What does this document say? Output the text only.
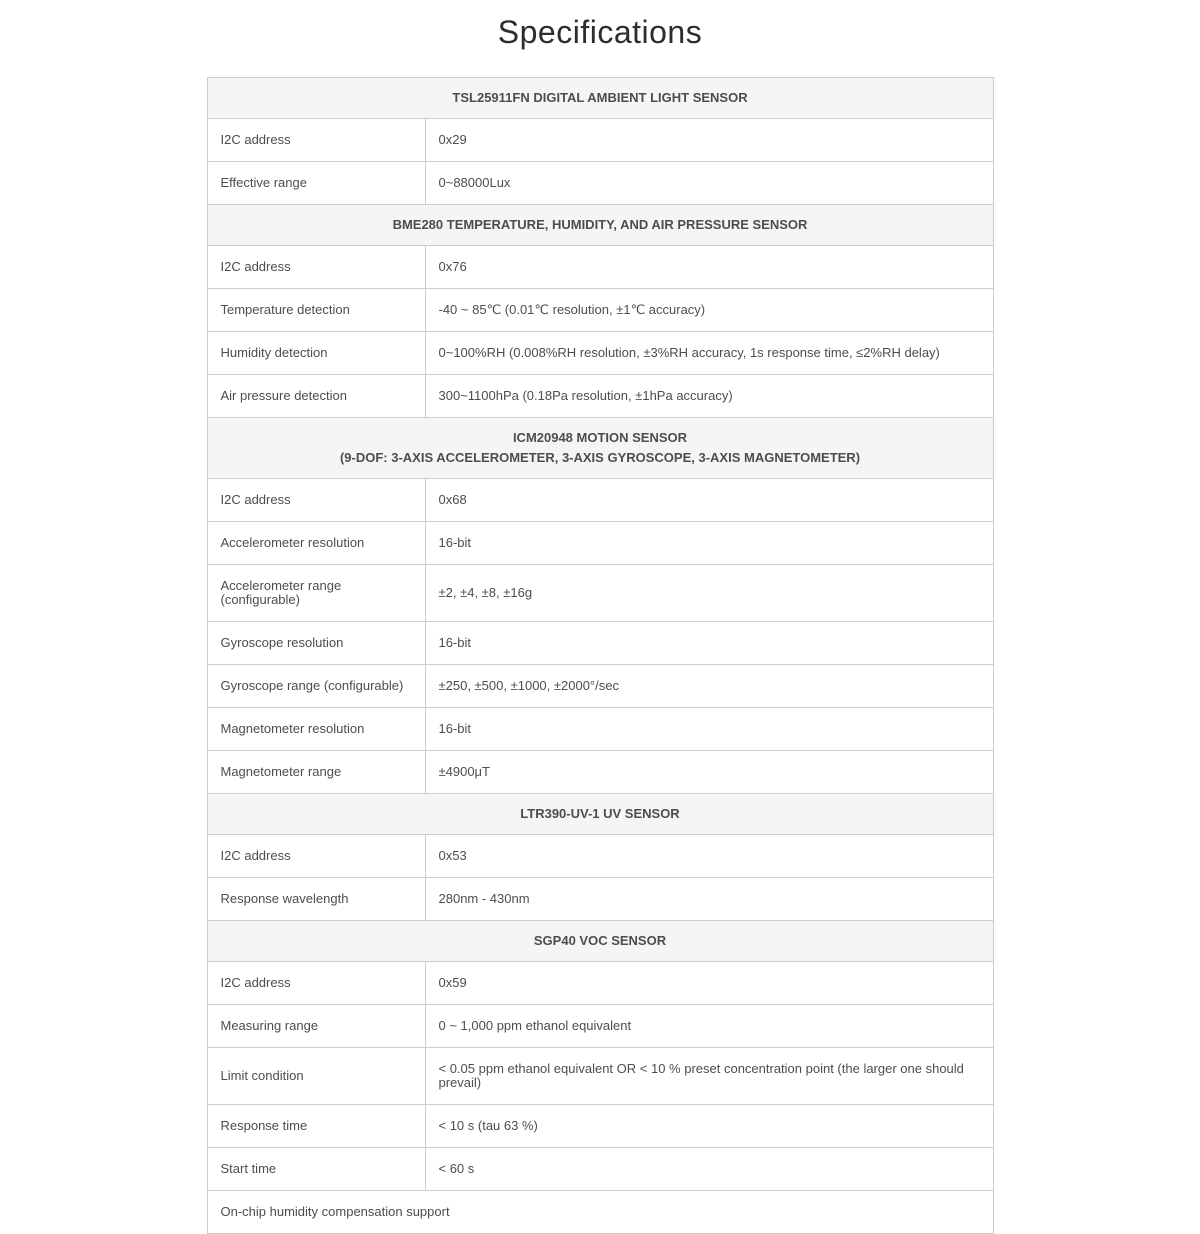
Specifications
TSL25911FN DIGITAL AMBIENT LIGHT SENSOR	

I2C address	0x29
Effective range	0~88000Lux

BME280 TEMPERATURE, HUMIDITY, AND AIR PRESSURE SENSOR	

I2C address	0x76
Temperature detection	-40 ~ 85℃ (0.01℃ resolution, ±1℃ accuracy)
Humidity detection	0~100%RH (0.008%RH resolution, ±3%RH accuracy, 1s response time, ≤2%RH delay)
Air pressure detection	300~1100hPa (0.18Pa resolution, ±1hPa accuracy)

ICM20948 MOTION SENSOR
(9-DOF: 3-AXIS ACCELEROMETER, 3-AXIS GYROSCOPE, 3-AXIS MAGNETOMETER)	

I2C address	0x68
Accelerometer resolution	16-bit
Accelerometer range (configurable)	±2, ±4, ±8, ±16g
Gyroscope resolution	16-bit
Gyroscope range (configurable)	±250, ±500, ±1000, ±2000°/sec
Magnetometer resolution	16-bit
Magnetometer range	±4900μT

LTR390-UV-1 UV SENSOR	

I2C address	0x53
Response wavelength	280nm - 430nm

SGP40 VOC SENSOR	

I2C address	0x59
Measuring range	0 ~ 1,000 ppm ethanol equivalent
Limit condition	< 0.05 ppm ethanol equivalent OR < 10 % preset concentration point (the larger one should prevail)
Response time	< 10 s (tau 63 %)
Start time	< 60 s
On-chip humidity compensation support	
